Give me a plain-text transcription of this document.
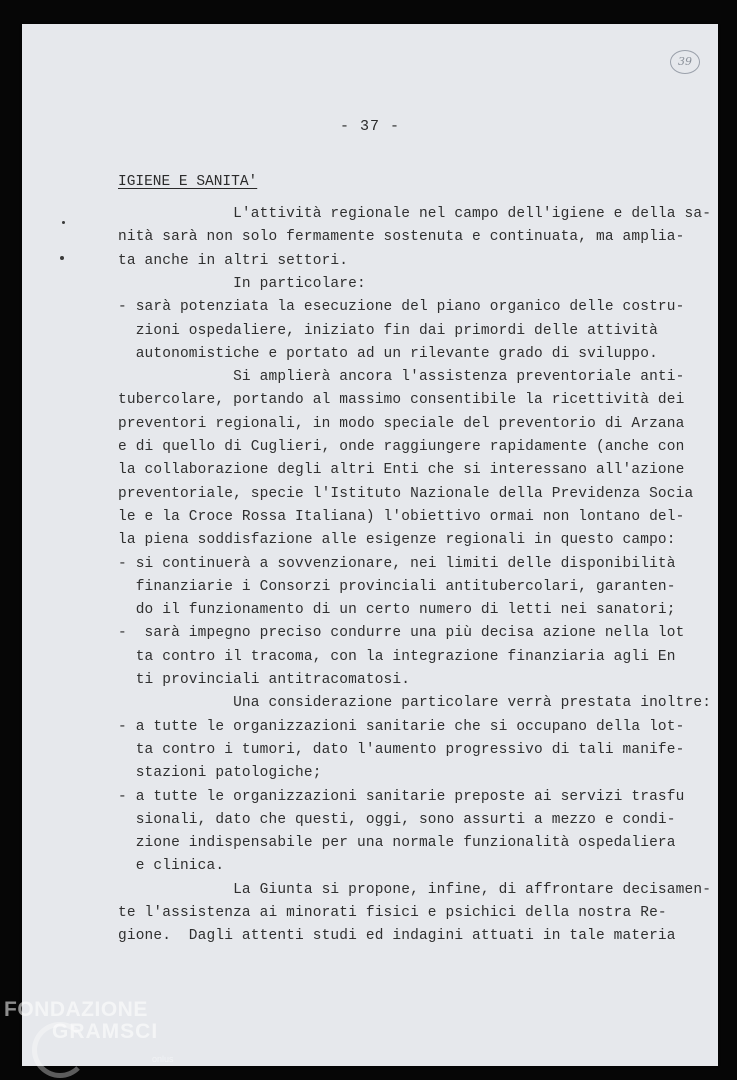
39
- 37 -
IGIENE E SANITA'
L'attività regionale nel campo dell'igiene e della sa-
nità sarà non solo fermamente sostenuta e continuata, ma amplia-
ta anche in altri settori.
In particolare:
- sarà potenziata la esecuzione del piano organico delle costru-
zioni ospedaliere, iniziato fin dai primordi delle attività
autonomistiche e portato ad un rilevante grado di sviluppo.
Si amplierà ancora l'assistenza preventoriale anti-
tubercolare, portando al massimo consentibile la ricettività dei
preventori regionali, in modo speciale del preventorio di Arzana
e di quello di Cuglieri, onde raggiungere rapidamente (anche con
la collaborazione degli altri Enti che si interessano all'azione
preventoriale, specie l'Istituto Nazionale della Previdenza Socia
le e la Croce Rossa Italiana) l'obiettivo ormai non lontano del-
la piena soddisfazione alle esigenze regionali in questo campo:
- si continuerà a sovvenzionare, nei limiti delle disponibilità
finanziarie i Consorzi provinciali antitubercolari, garanten-
do il funzionamento di un certo numero di letti nei sanatori;
-  sarà impegno preciso condurre una più decisa azione nella lot
ta contro il tracoma, con la integrazione finanziaria agli En
ti provinciali antitracomatosi.
Una considerazione particolare verrà prestata inoltre:
- a tutte le organizzazioni sanitarie che si occupano della lot-
ta contro i tumori, dato l'aumento progressivo di tali manife-
stazioni patologiche;
- a tutte le organizzazioni sanitarie preposte ai servizi trasfu
sionali, dato che questi, oggi, sono assurti a mezzo e condi-
zione indispensabile per una normale funzionalità ospedaliera
e clinica.
La Giunta si propone, infine, di affrontare decisamen-
te l'assistenza ai minorati fisici e psichici della nostra Re-
gione.  Dagli attenti studi ed indagini attuati in tale materia
FONDAZIONE
GRAMSCI
onlus
